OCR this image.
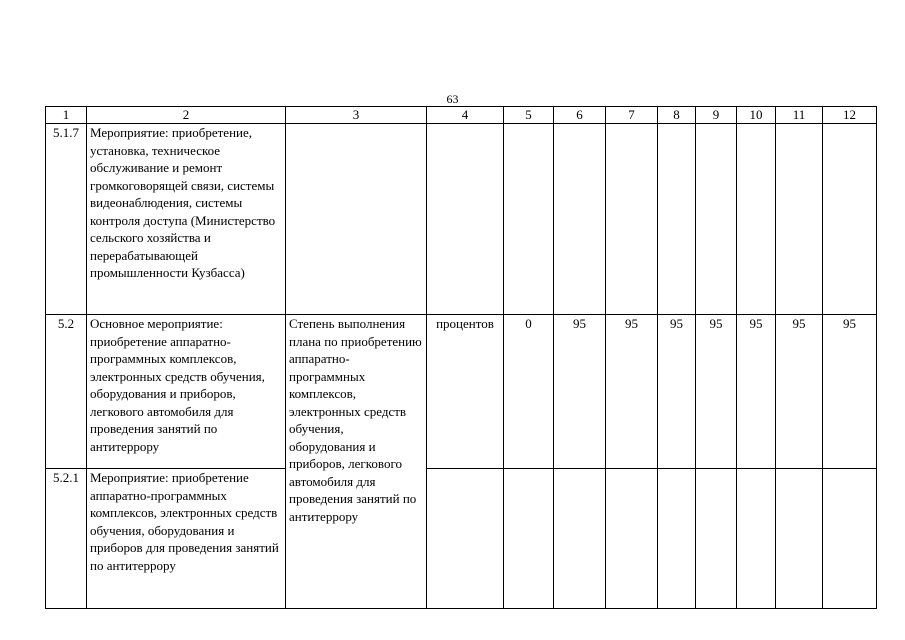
63
1	2	3	4	5	6	7	8	9	10	11	12
5.1.7	Мероприятие: приобретение, установка, техническое обслуживание и ремонт громкоговорящей связи, системы видеонаблюдения, системы контроля доступа (Министерство сельского хозяйства и перерабатывающей промышленности Кузбасса)										
5.2	Основное мероприятие: приобретение аппаратно-программных комплексов, электронных средств обучения, оборудования и приборов, легкового автомобиля для проведения занятий по антитеррору	Степень выполнения плана по приобретению аппаратно-программных комплексов, электронных средств обучения, оборудования и приборов, легкового автомобиля для проведения занятий по антитеррору	процентов	0	95	95	95	95	95	95	95
5.2.1	Мероприятие: приобретение аппаратно-программных комплексов, электронных средств обучения, оборудования и приборов для проведения занятий по антитеррору										
